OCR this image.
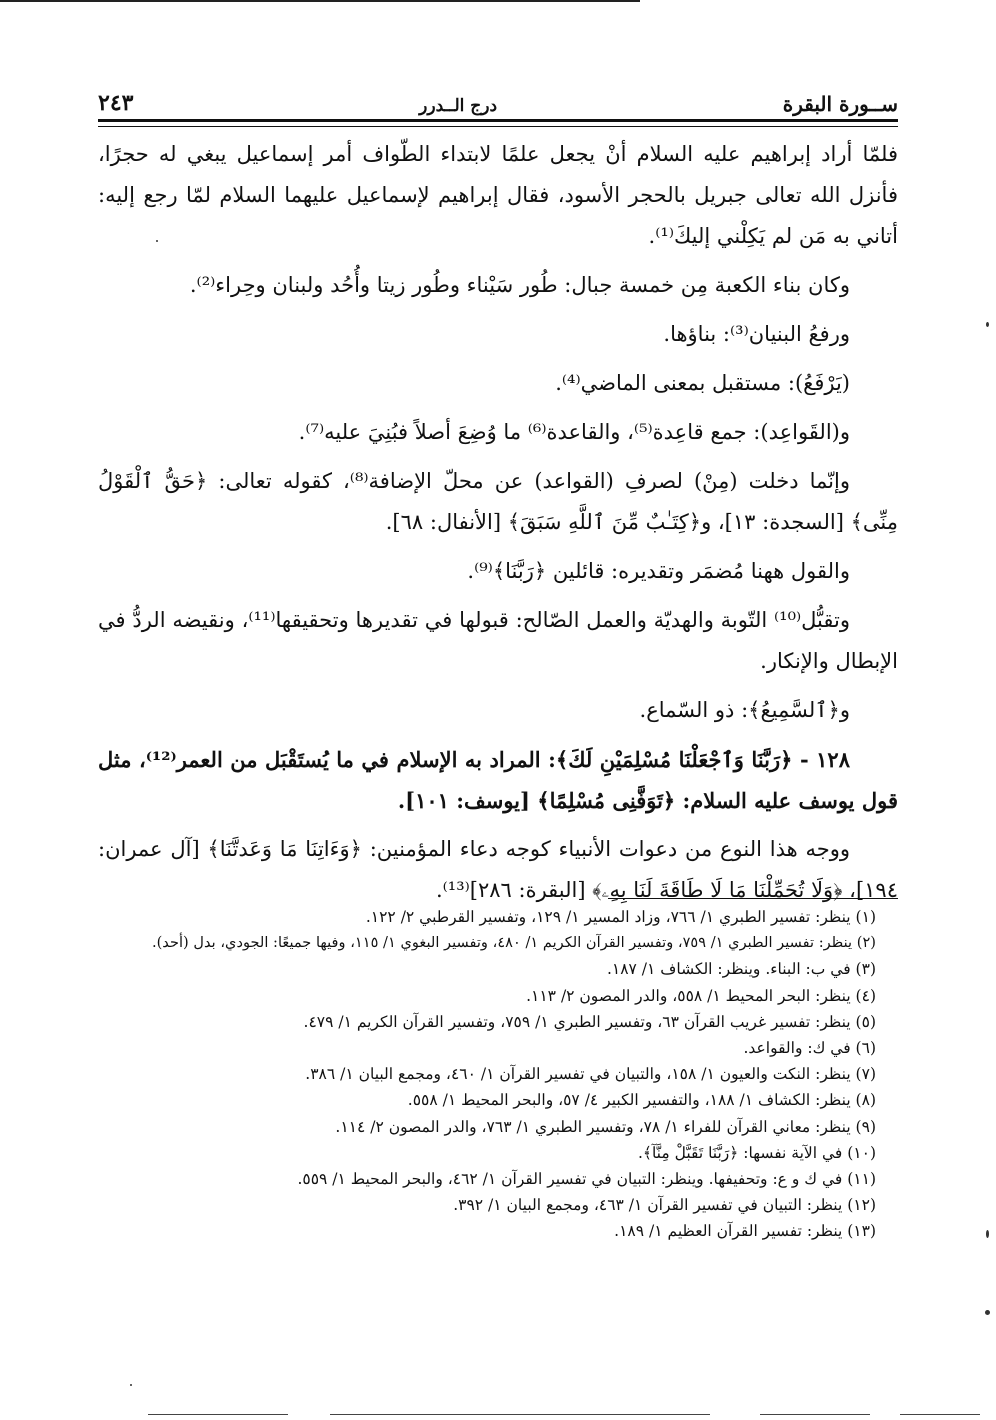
ســورة البقرة
درج الــدرر
٢٤٣

فلمّا أراد إبراهيم عليه السلام أنْ يجعل علمًا لابتداء الطّواف أمر إسماعيل يبغي له حجرًا، فأنزل الله تعالى جبريل بالحجر الأسود، فقال إبراهيم لإسماعيل عليهما السلام لمّا رجع إليه: أتاني به مَن لم يَكِلْني إليكَ⁽¹⁾.

وكان بناء الكعبة مِن خمسة جبال: طُور سَيْناء وطُور زيتا وأُحُد ولبنان وحِراء⁽²⁾.

ورفعُ البنيان⁽³⁾: بناؤها.

(يَرْفَعُ): مستقبل بمعنى الماضي⁽⁴⁾.

و(القَواعِد): جمع قاعِدة⁽⁵⁾، والقاعدة⁽⁶⁾ ما وُضِعَ أصلاً فبُنِيَ عليه⁽⁷⁾.

وإنّما دخلت (مِنْ) لصرفِ (القواعد) عن محلّ الإضافة⁽⁸⁾، كقوله تعالى: ﴿حَقُّ ٱلْقَوْلُ مِنِّى﴾ [السجدة: ١٣]، و﴿كِتَـٰبٌ مِّنَ ٱللَّهِ سَبَقَ﴾ [الأنفال: ٦٨].

والقول ههنا مُضمَر وتقديره: قائلين ﴿رَبَّنَا﴾⁽⁹⁾.

وتقبُّل⁽¹⁰⁾ التّوبة والهديّة والعمل الصّالح: قبولها في تقديرها وتحقيقها⁽¹¹⁾، ونقيضه الردُّ في الإبطال والإنكار.

و﴿ٱلسَّمِيعُ﴾: ذو السّماع.

١٢٨ - ﴿رَبَّنَا وَٱجْعَلْنَا مُسْلِمَيْنِ لَكَ﴾: المراد به الإسلام في ما يُستَقْبَل من العمر⁽¹²⁾، مثل قول يوسف عليه السلام: ﴿تَوَفَّنِى مُسْلِمًا﴾ [يوسف: ١٠١].

ووجه هذا النوع من دعوات الأنبياء كوجه دعاء المؤمنين: ﴿وَءَاتِنَا مَا وَعَدتَّنَا﴾ [آل عمران: ١٩٤]، ﴿وَلَا تُحَمِّلْنَا مَا لَا طَاقَةَ لَنَا بِهِۦ﴾ [البقرة: ٢٨٦]⁽¹³⁾.

(١) ينظر: تفسير الطبري ١/ ٧٦٦، وزاد المسير ١/ ١٢٩، وتفسير القرطبي ٢/ ١٢٢.
(٢) ينظر: تفسير الطبري ١/ ٧٥٩، وتفسير القرآن الكريم ١/ ٤٨٠، وتفسير البغوي ١/ ١١٥، وفيها جميعًا: الجودي، بدل (أحد).
(٣) في ب: البناء. وينظر: الكشاف ١/ ١٨٧.
(٤) ينظر: البحر المحيط ١/ ٥٥٨، والدر المصون ٢/ ١١٣.
(٥) ينظر: تفسير غريب القرآن ٦٣، وتفسير الطبري ١/ ٧٥٩، وتفسير القرآن الكريم ١/ ٤٧٩.
(٦) في ك: والقواعد.
(٧) ينظر: النكت والعيون ١/ ١٥٨، والتبيان في تفسير القرآن ١/ ٤٦٠، ومجمع البيان ١/ ٣٨٦.
(٨) ينظر: الكشاف ١/ ١٨٨، والتفسير الكبير ٤/ ٥٧، والبحر المحيط ١/ ٥٥٨.
(٩) ينظر: معاني القرآن للفراء ١/ ٧٨، وتفسير الطبري ١/ ٧٦٣، والدر المصون ٢/ ١١٤.
(١٠) في الآية نفسها: ﴿رَبَّنَا تَقَبَّلْ مِنَّآ﴾.
(١١) في ك و ع: وتحفيفها. وينظر: التبيان في تفسير القرآن ١/ ٤٦٢، والبحر المحيط ١/ ٥٥٩.
(١٢) ينظر: التبيان في تفسير القرآن ١/ ٤٦٣، ومجمع البيان ١/ ٣٩٢.
(١٣) ينظر: تفسير القرآن العظيم ١/ ١٨٩.
